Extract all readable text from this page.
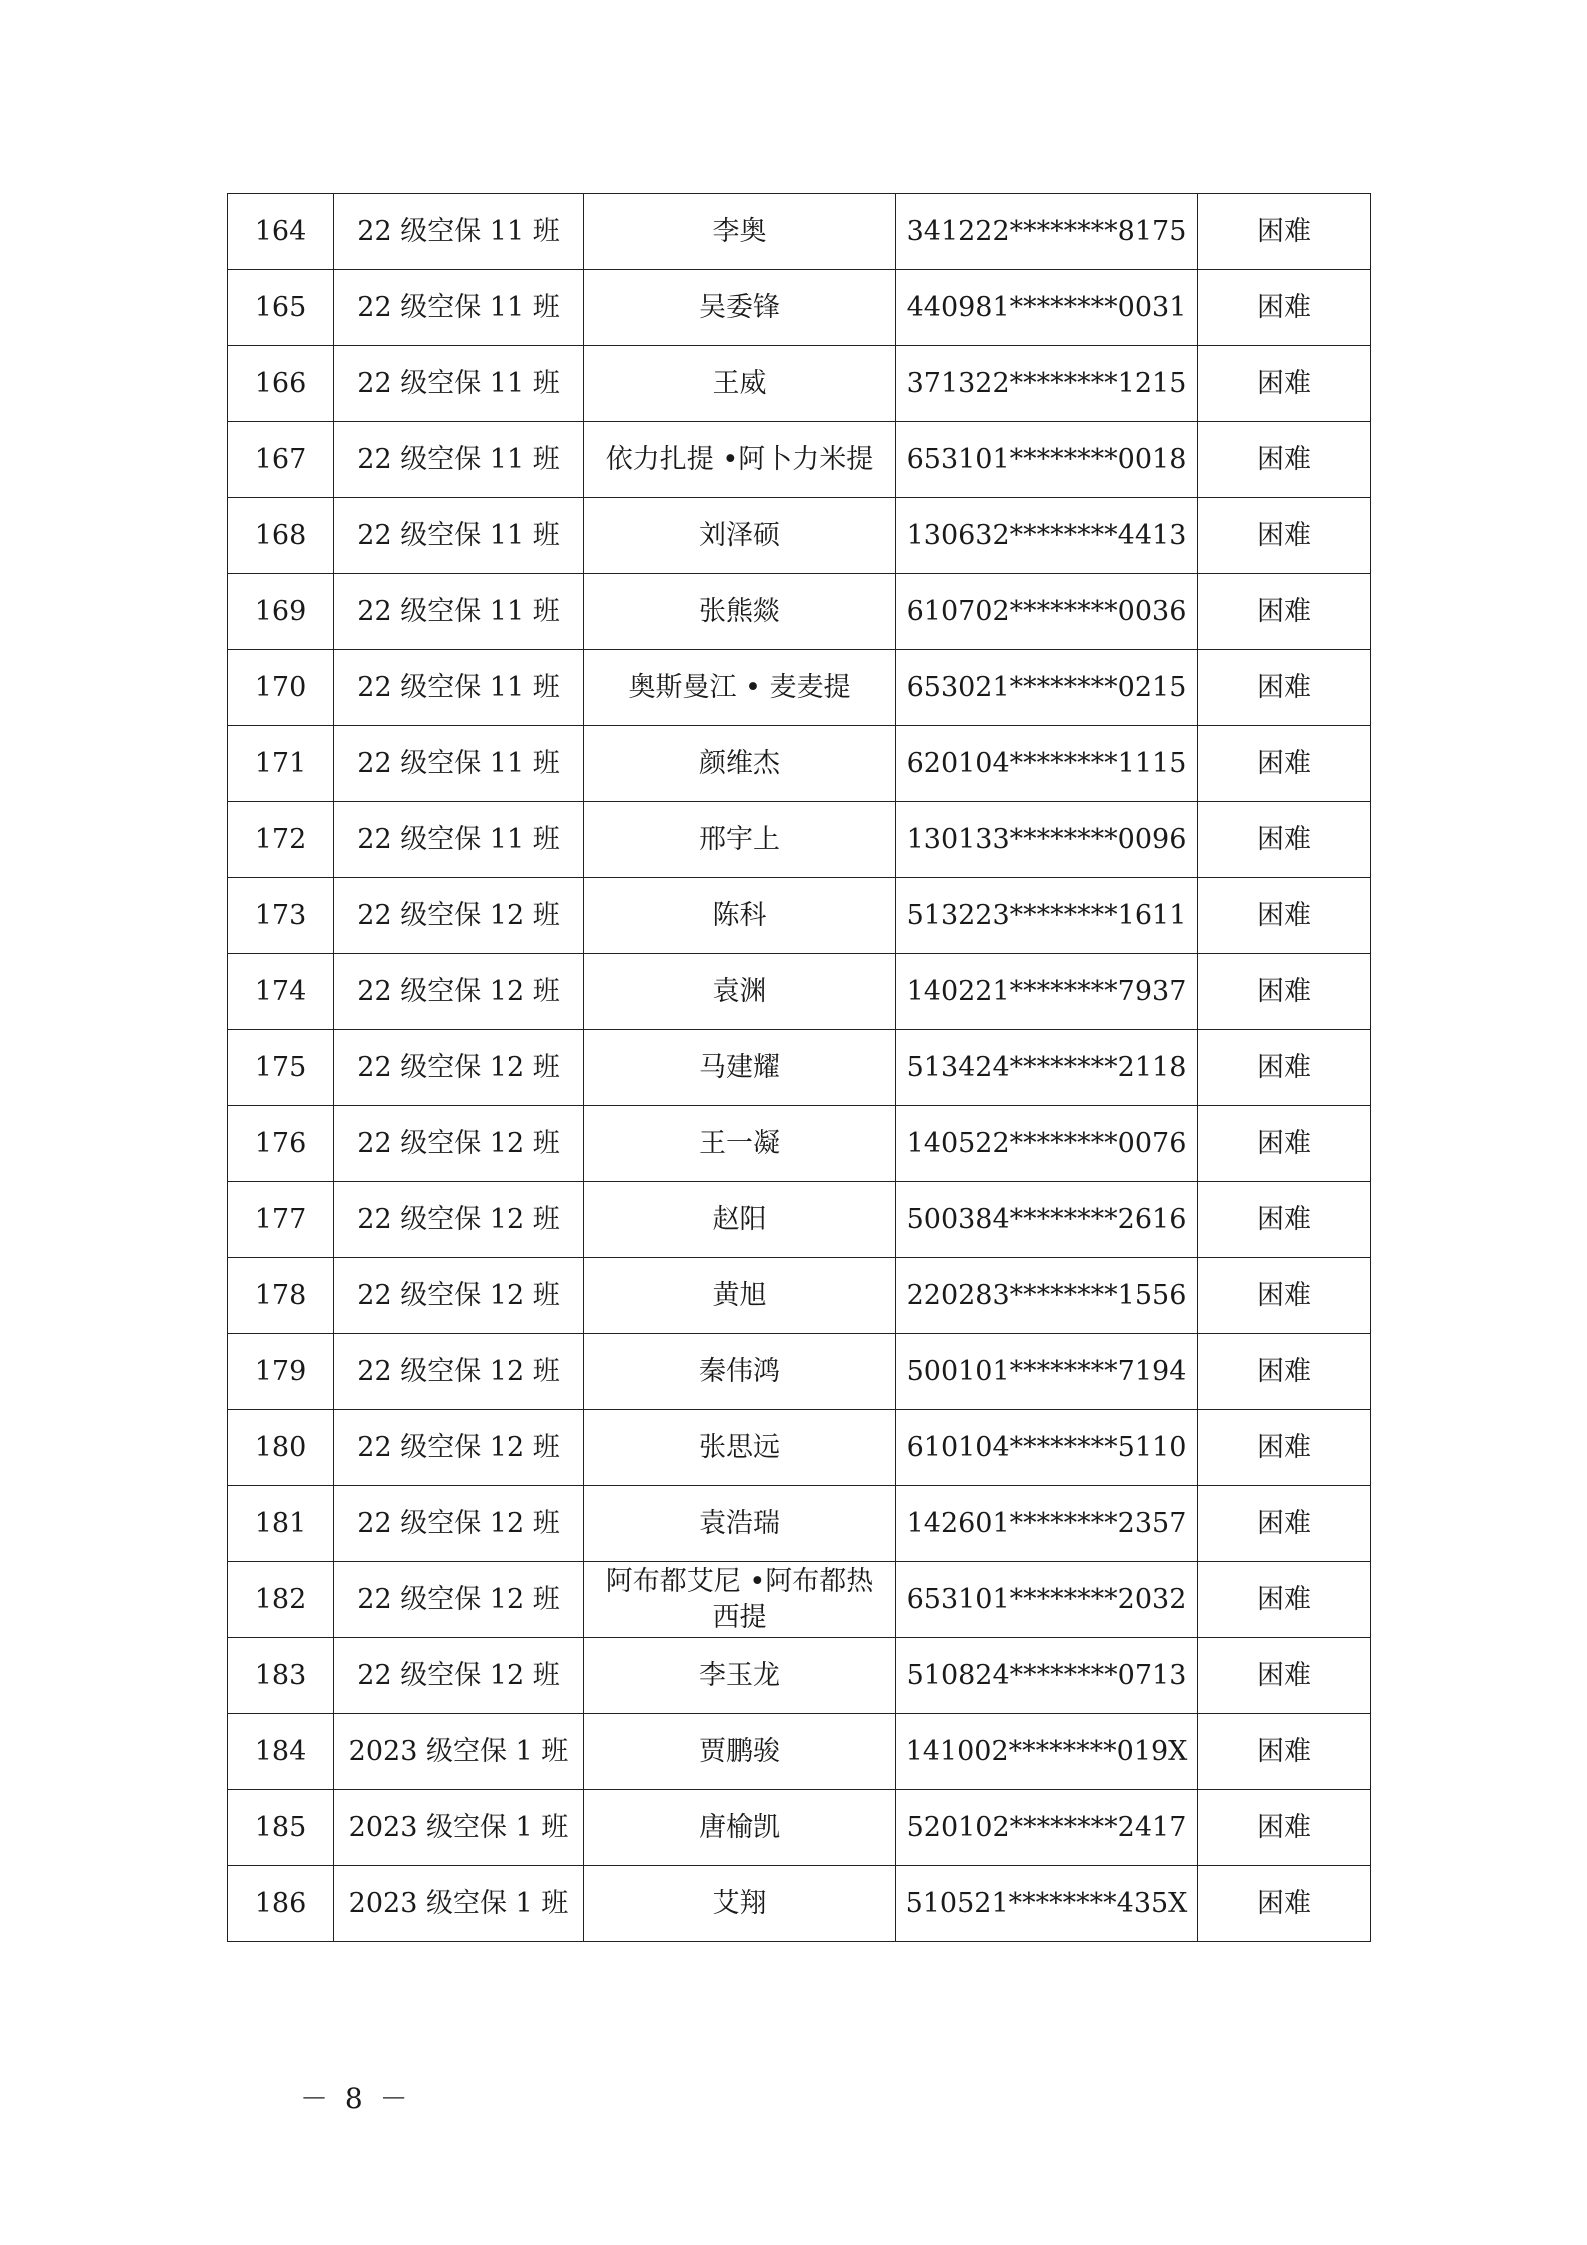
164	22 级空保 11 班	李奥	341222********8175	困难
165	22 级空保 11 班	吴委锋	440981********0031	困难
166	22 级空保 11 班	王威	371322********1215	困难
167	22 级空保 11 班	依力扎提 •阿卜力米提	653101********0018	困难
168	22 级空保 11 班	刘泽硕	130632********4413	困难
169	22 级空保 11 班	张熊燚	610702********0036	困难
170	22 级空保 11 班	奥斯曼江 • 麦麦提	653021********0215	困难
171	22 级空保 11 班	颜维杰	620104********1115	困难
172	22 级空保 11 班	邢宇上	130133********0096	困难
173	22 级空保 12 班	陈科	513223********1611	困难
174	22 级空保 12 班	袁渊	140221********7937	困难
175	22 级空保 12 班	马建耀	513424********2118	困难
176	22 级空保 12 班	王一凝	140522********0076	困难
177	22 级空保 12 班	赵阳	500384********2616	困难
178	22 级空保 12 班	黄旭	220283********1556	困难
179	22 级空保 12 班	秦伟鸿	500101********7194	困难
180	22 级空保 12 班	张思远	610104********5110	困难
181	22 级空保 12 班	袁浩瑞	142601********2357	困难
182	22 级空保 12 班	阿布都艾尼 •阿布都热西提	653101********2032	困难
183	22 级空保 12 班	李玉龙	510824********0713	困难
184	2023 级空保 1 班	贾鹏骏	141002********019X	困难
185	2023 级空保 1 班	唐榆凯	520102********2417	困难
186	2023 级空保 1 班	艾翔	510521********435X	困难
－ 8 －
